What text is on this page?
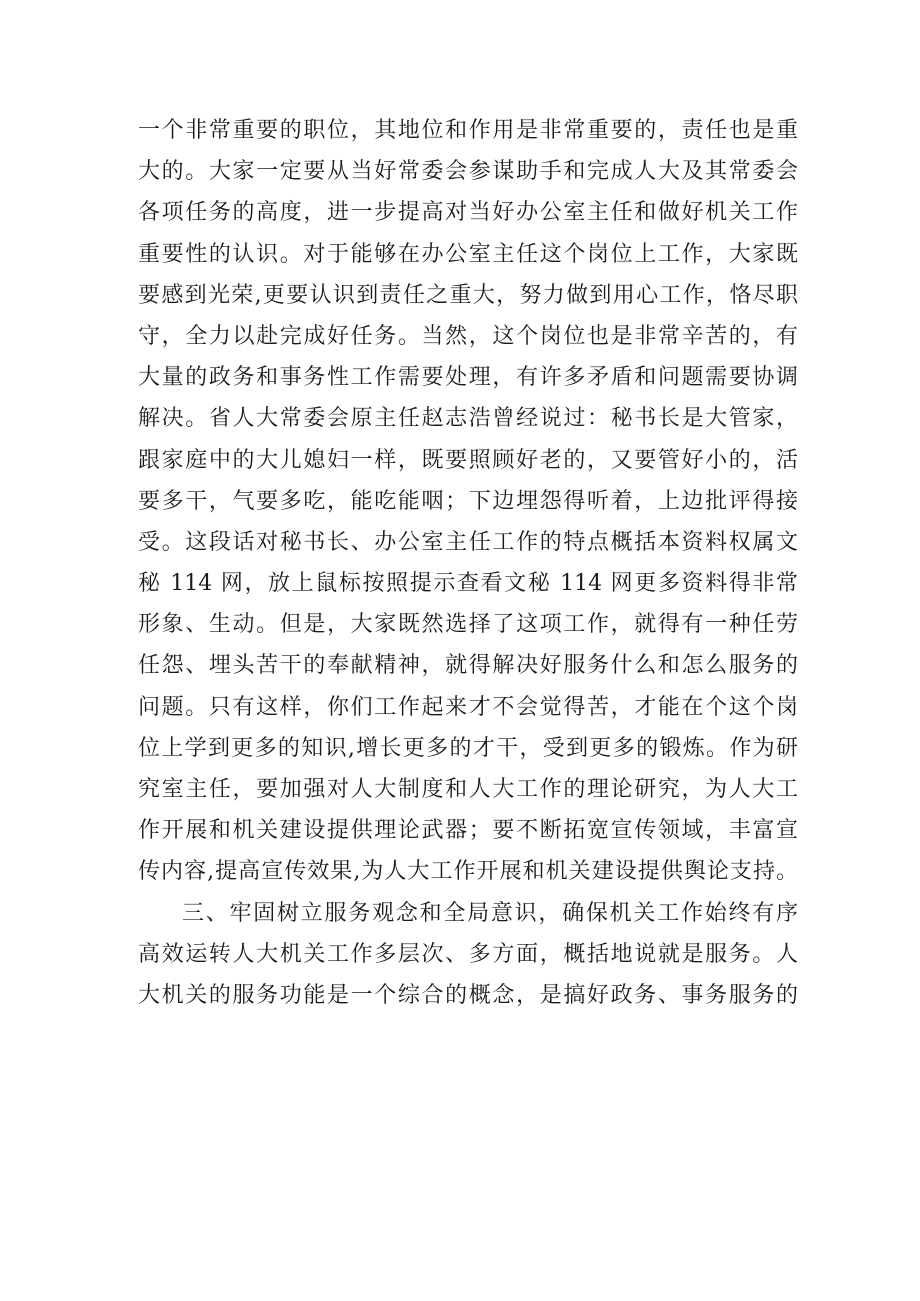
一个非常重要的职位，其地位和作用是非常重要的，责任也是重
大的。大家一定要从当好常委会参谋助手和完成人大及其常委会
各项任务的高度，进一步提高对当好办公室主任和做好机关工作
重要性的认识。对于能够在办公室主任这个岗位上工作，大家既
要感到光荣,更要认识到责任之重大，努力做到用心工作，恪尽职
守，全力以赴完成好任务。当然，这个岗位也是非常辛苦的，有
大量的政务和事务性工作需要处理，有许多矛盾和问题需要协调
解决。省人大常委会原主任赵志浩曾经说过：秘书长是大管家，
跟家庭中的大儿媳妇一样，既要照顾好老的，又要管好小的，活
要多干，气要多吃，能吃能咽；下边埋怨得听着，上边批评得接
受。这段话对秘书长、办公室主任工作的特点概括本资料权属文
秘 114 网，放上鼠标按照提示查看文秘 114 网更多资料得非常
形象、生动。但是，大家既然选择了这项工作，就得有一种任劳
任怨、埋头苦干的奉献精神，就得解决好服务什么和怎么服务的
问题。只有这样，你们工作起来才不会觉得苦，才能在个这个岗
位上学到更多的知识,增长更多的才干，受到更多的锻炼。作为研
究室主任，要加强对人大制度和人大工作的理论研究，为人大工
作开展和机关建设提供理论武器；要不断拓宽宣传领域，丰富宣
传内容,提高宣传效果,为人大工作开展和机关建设提供舆论支持。
三、牢固树立服务观念和全局意识，确保机关工作始终有序
高效运转人大机关工作多层次、多方面，概括地说就是服务。人
大机关的服务功能是一个综合的概念，是搞好政务、事务服务的
